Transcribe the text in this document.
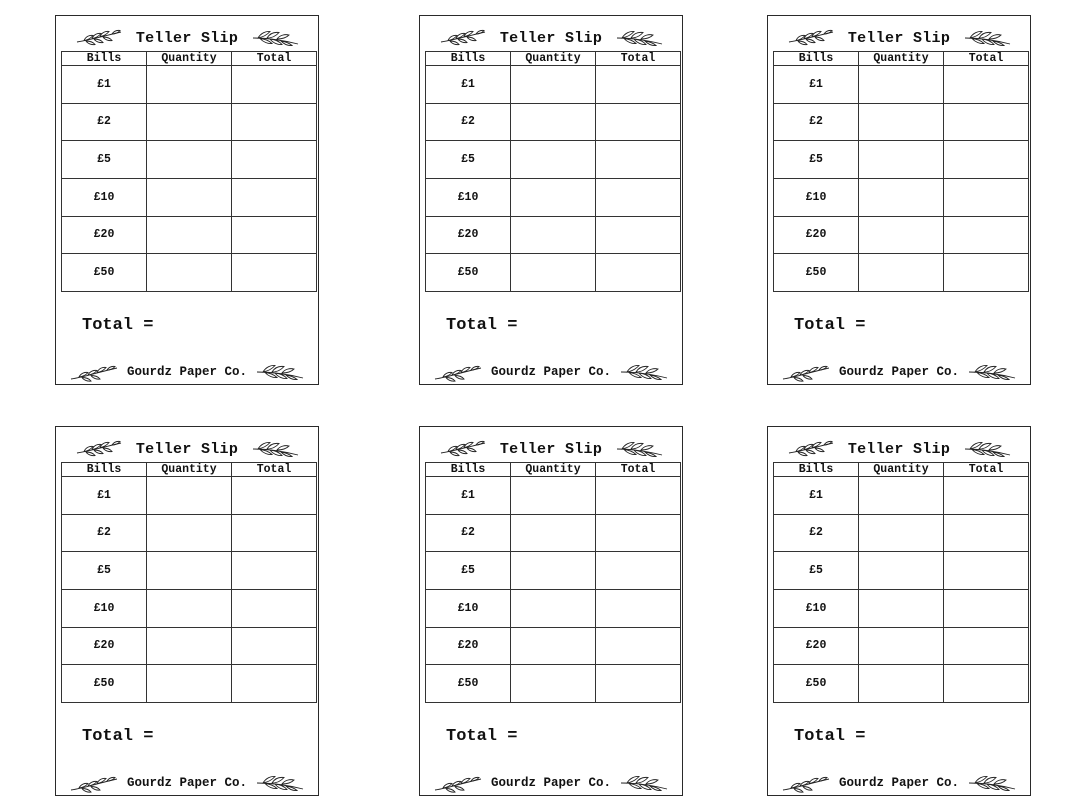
Teller Slip
Bills	Quantity	Total
£1		
£2		
£5		
£10		
£20		
£50		
Total =
Gourdz Paper Co.
Teller Slip
Bills	Quantity	Total
£1		
£2		
£5		
£10		
£20		
£50		
Total =
Gourdz Paper Co.
Teller Slip
Bills	Quantity	Total
£1		
£2		
£5		
£10		
£20		
£50		
Total =
Gourdz Paper Co.
Teller Slip
Bills	Quantity	Total
£1		
£2		
£5		
£10		
£20		
£50		
Total =
Gourdz Paper Co.
Teller Slip
Bills	Quantity	Total
£1		
£2		
£5		
£10		
£20		
£50		
Total =
Gourdz Paper Co.
Teller Slip
Bills	Quantity	Total
£1		
£2		
£5		
£10		
£20		
£50		
Total =
Gourdz Paper Co.
